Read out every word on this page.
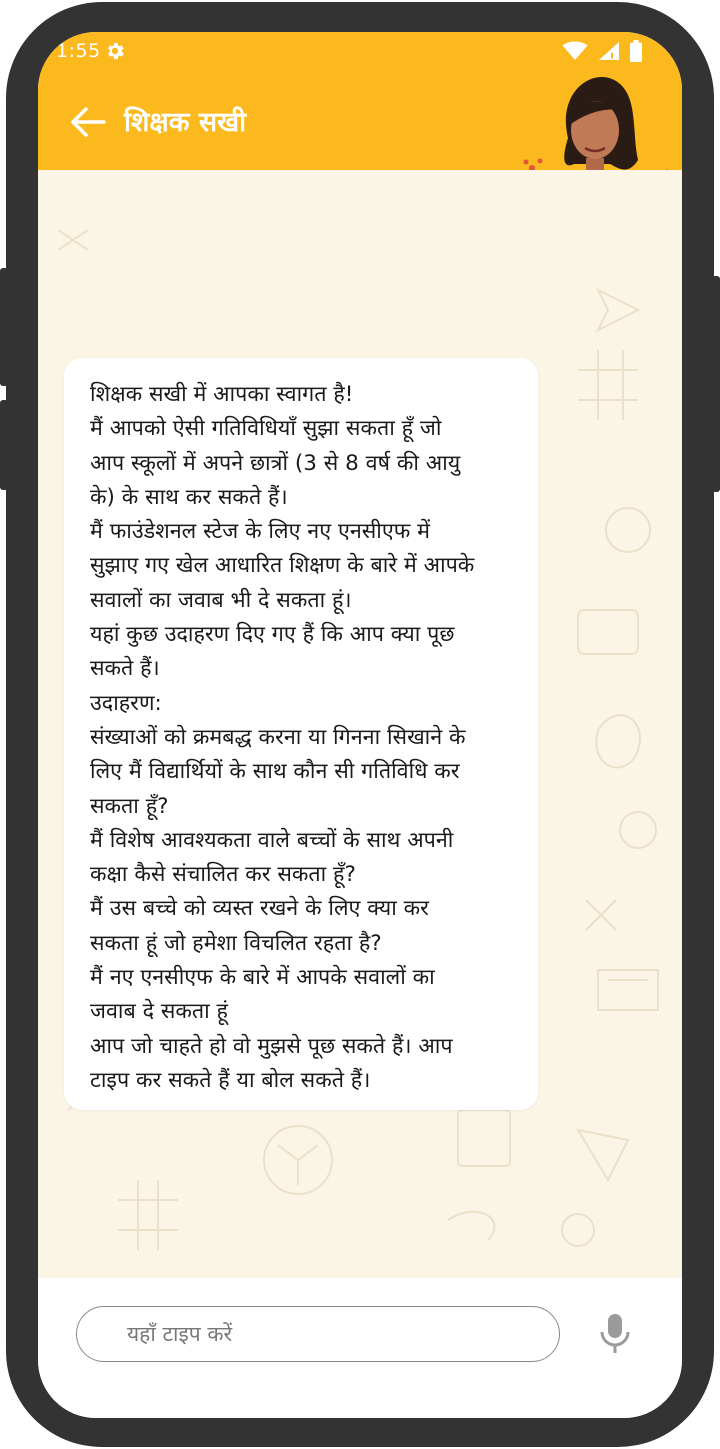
1:55
शिक्षक सखी
शिक्षक सखी में आपका स्वागत है!
मैं आपको ऐसी गतिविधियाँ सुझा सकता हूँ जो
आप स्कूलों में अपने छात्रों (3 से 8 वर्ष की आयु
के) के साथ कर सकते हैं।
मैं फाउंडेशनल स्टेज के लिए नए एनसीएफ में
सुझाए गए खेल आधारित शिक्षण के बारे में आपके
सवालों का जवाब भी दे सकता हूं।
यहां कुछ उदाहरण दिए गए हैं कि आप क्या पूछ
सकते हैं।
उदाहरण:
संख्याओं को क्रमबद्ध करना या गिनना सिखाने के
लिए मैं विद्यार्थियों के साथ कौन सी गतिविधि कर
सकता हूँ?
मैं विशेष आवश्यकता वाले बच्चों के साथ अपनी
कक्षा कैसे संचालित कर सकता हूँ?
मैं उस बच्चे को व्यस्त रखने के लिए क्या कर
सकता हूं जो हमेशा विचलित रहता है?
मैं नए एनसीएफ के बारे में आपके सवालों का
जवाब दे सकता हूं
आप जो चाहते हो वो मुझसे पूछ सकते हैं। आप
टाइप कर सकते हैं या बोल सकते हैं।
यहाँ टाइप करें
